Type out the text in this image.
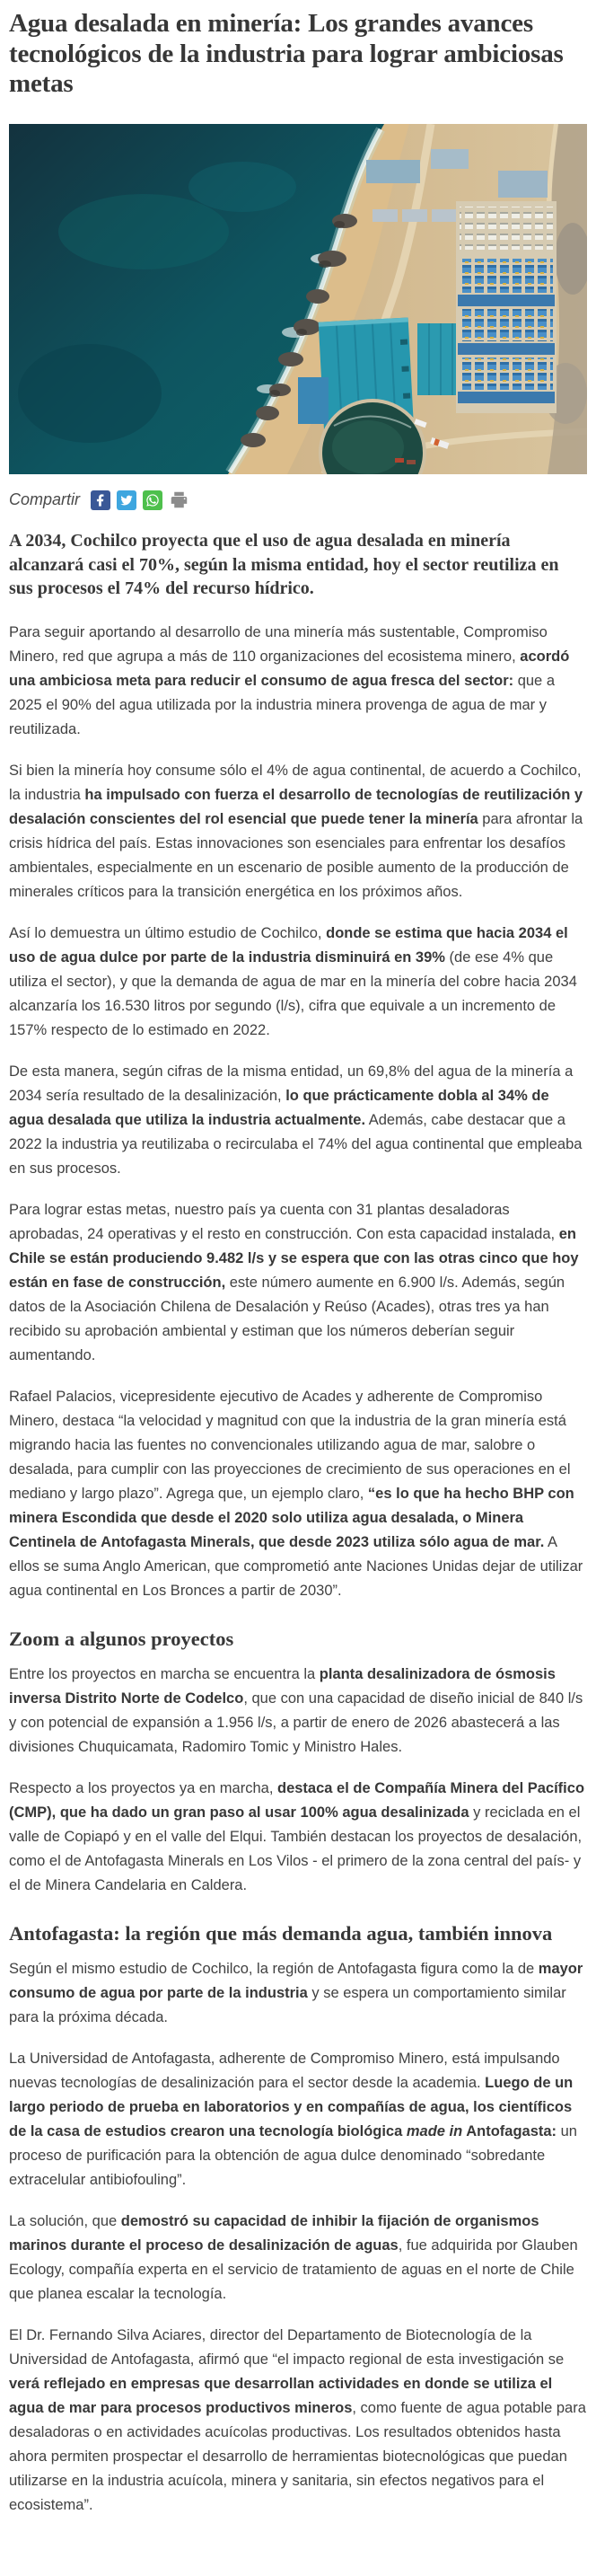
Agua desalada en minería: Los grandes avances tecnológicos de la industria para lograr ambiciosas metas
Compartir

A 2034, Cochilco proyecta que el uso de agua desalada en minería alcanzará casi el 70%, según la misma entidad, hoy el sector reutiliza en sus procesos el 74% del recurso hídrico.

Para seguir aportando al desarrollo de una minería más sustentable, Compromiso Minero, red que agrupa a más de 110 organizaciones del ecosistema minero, acordó una ambiciosa meta para reducir el consumo de agua fresca del sector: que a 2025 el 90% del agua utilizada por la industria minera provenga de agua de mar y reutilizada.

Si bien la minería hoy consume sólo el 4% de agua continental, de acuerdo a Cochilco, la industria ha impulsado con fuerza el desarrollo de tecnologías de reutilización y desalación conscientes del rol esencial que puede tener la minería para afrontar la crisis hídrica del país. Estas innovaciones son esenciales para enfrentar los desafíos ambientales, especialmente en un escenario de posible aumento de la producción de minerales críticos para la transición energética en los próximos años.

Así lo demuestra un último estudio de Cochilco, donde se estima que hacia 2034 el uso de agua dulce por parte de la industria disminuirá en 39% (de ese 4% que utiliza el sector), y que la demanda de agua de mar en la minería del cobre hacia 2034 alcanzaría los 16.530 litros por segundo (l/s), cifra que equivale a un incremento de 157% respecto de lo estimado en 2022.

De esta manera, según cifras de la misma entidad, un 69,8% del agua de la minería a 2034 sería resultado de la desalinización, lo que prácticamente dobla al 34% de agua desalada que utiliza la industria actualmente. Además, cabe destacar que a 2022 la industria ya reutilizaba o recirculaba el 74% del agua continental que empleaba en sus procesos.

Para lograr estas metas, nuestro país ya cuenta con 31 plantas desaladoras aprobadas, 24 operativas y el resto en construcción. Con esta capacidad instalada, en Chile se están produciendo 9.482 l/s y se espera que con las otras cinco que hoy están en fase de construcción, este número aumente en 6.900 l/s. Además, según datos de la Asociación Chilena de Desalación y Reúso (Acades), otras tres ya han recibido su aprobación ambiental y estiman que los números deberían seguir aumentando.

Rafael Palacios, vicepresidente ejecutivo de Acades y adherente de Compromiso Minero, destaca “la velocidad y magnitud con que la industria de la gran minería está migrando hacia las fuentes no convencionales utilizando agua de mar, salobre o desalada, para cumplir con las proyecciones de crecimiento de sus operaciones en el mediano y largo plazo”. Agrega que, un ejemplo claro, “es lo que ha hecho BHP con minera Escondida que desde el 2020 solo utiliza agua desalada, o Minera Centinela de Antofagasta Minerals, que desde 2023 utiliza sólo agua de mar. A ellos se suma Anglo American, que comprometió ante Naciones Unidas dejar de utilizar agua continental en Los Bronces a partir de 2030”.

Zoom a algunos proyectos

Entre los proyectos en marcha se encuentra la planta desalinizadora de ósmosis inversa Distrito Norte de Codelco, que con una capacidad de diseño inicial de 840 l/s y con potencial de expansión a 1.956 l/s, a partir de enero de 2026 abastecerá a las divisiones Chuquicamata, Radomiro Tomic y Ministro Hales.

Respecto a los proyectos ya en marcha, destaca el de Compañía Minera del Pacífico (CMP), que ha dado un gran paso al usar 100% agua desalinizada y reciclada en el valle de Copiapó y en el valle del Elqui. También destacan los proyectos de desalación, como el de Antofagasta Minerals en Los Vilos - el primero de la zona central del país- y el de Minera Candelaria en Caldera.

Antofagasta: la región que más demanda agua, también innova

Según el mismo estudio de Cochilco, la región de Antofagasta figura como la de mayor consumo de agua por parte de la industria y se espera un comportamiento similar para la próxima década.

La Universidad de Antofagasta, adherente de Compromiso Minero, está impulsando nuevas tecnologías de desalinización para el sector desde la academia. Luego de un largo periodo de prueba en laboratorios y en compañías de agua, los científicos de la casa de estudios crearon una tecnología biológica made in Antofagasta: un proceso de purificación para la obtención de agua dulce denominado “sobredante extracelular antibiofouling”.

La solución, que demostró su capacidad de inhibir la fijación de organismos marinos durante el proceso de desalinización de aguas, fue adquirida por Glauben Ecology, compañía experta en el servicio de tratamiento de aguas en el norte de Chile que planea escalar la tecnología.

El Dr. Fernando Silva Aciares, director del Departamento de Biotecnología de la Universidad de Antofagasta, afirmó que “el impacto regional de esta investigación se verá reflejado en empresas que desarrollan actividades en donde se utiliza el agua de mar para procesos productivos mineros, como fuente de agua potable para desaladoras o en actividades acuícolas productivas. Los resultados obtenidos hasta ahora permiten prospectar el desarrollo de herramientas biotecnológicas que puedan utilizarse en la industria acuícola, minera y sanitaria, sin efectos negativos para el ecosistema”.
